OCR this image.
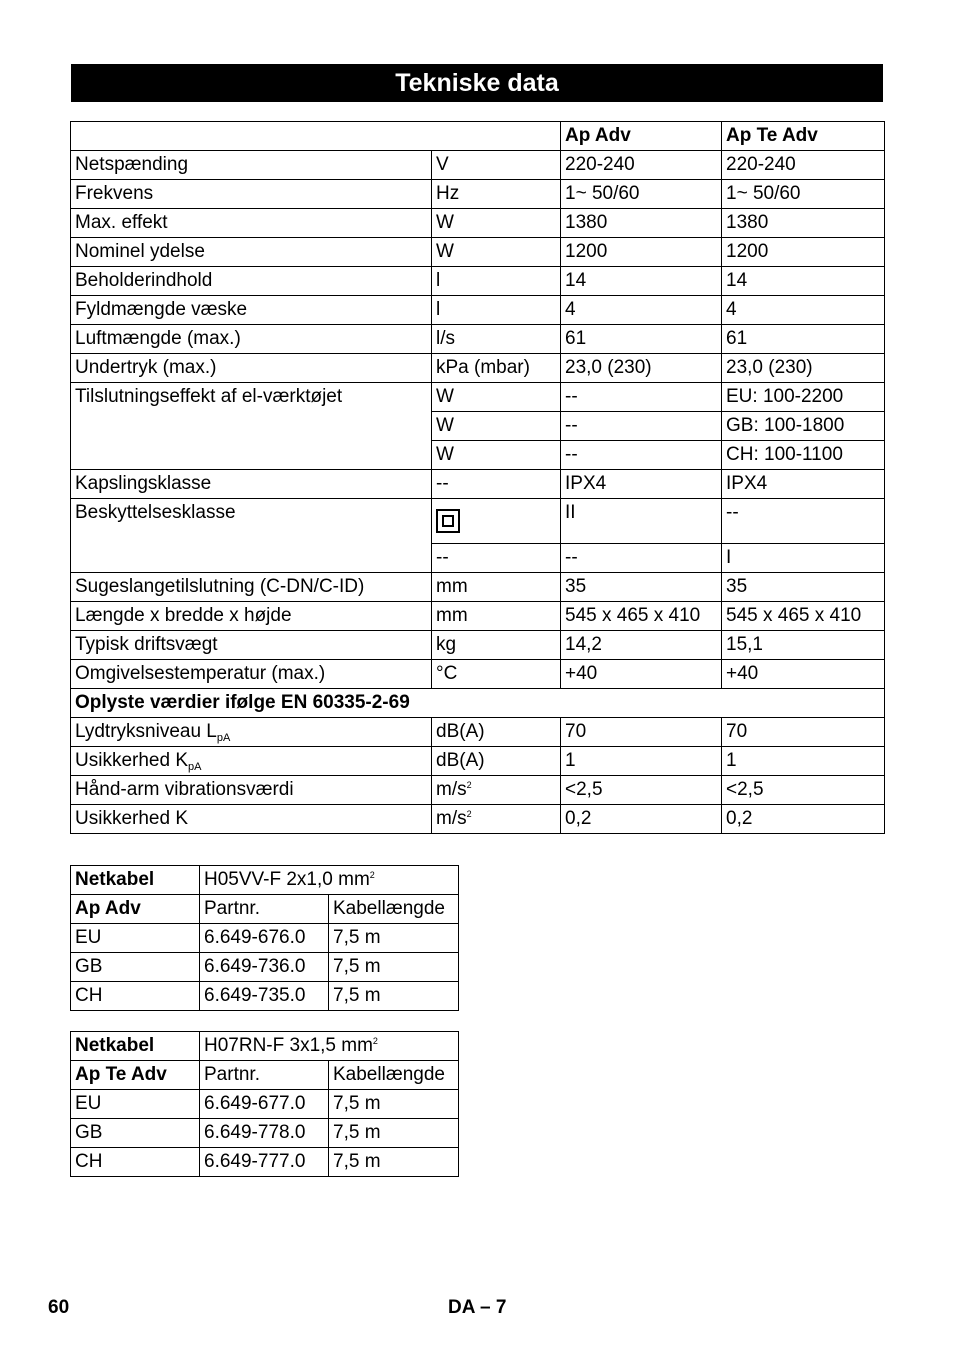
Tekniske data
		Ap Adv	Ap Te Adv
Netspænding	V	220-240	220-240
Frekvens	Hz	1~ 50/60	1~ 50/60
Max. effekt	W	1380	1380
Nominel ydelse	W	1200	1200
Beholderindhold	l	14	14
Fyldmængde væske	l	4	4
Luftmængde (max.)	l/s	61	61
Undertryk (max.)	kPa (mbar)	23,0 (230)	23,0 (230)
Tilslutningseffekt af el-værktøjet	W	--	EU: 100-2200
	W	--	GB: 100-1800
	W	--	CH: 100-1100
Kapslingsklasse	--	IPX4	IPX4
Beskyttelsesklasse		II	--
	--	--	I
Sugeslangetilslutning (C-DN/C-ID)	mm	35	35
Længde x bredde x højde	mm	545 x 465 x 410	545 x 465 x 410
Typisk driftsvægt	kg	14,2	15,1
Omgivelsestemperatur (max.)	°C	+40	+40
Oplyste værdier ifølge EN 60335-2-69			
Lydtryksniveau $L_{pA}$	dB(A)	70	70
Usikkerhed $K_{pA}$	dB(A)	1	1
Hånd-arm vibrationsværdi	$m/s^2$	<2,5	<2,5
Usikkerhed K	$m/s^2$	0,2	0,2
Netkabel	H05VV-F 2x1,0 $mm^2$
Ap Adv	Partnr.	Kabellængde
EU	6.649-676.0	7,5 m
GB	6.649-736.0	7,5 m
CH	6.649-735.0	7,5 m
Netkabel	H07RN-F 3x1,5 $mm^2$
Ap Te Adv	Partnr.	Kabellængde
EU	6.649-677.0	7,5 m
GB	6.649-778.0	7,5 m
CH	6.649-777.0	7,5 m
60	DA – 7
